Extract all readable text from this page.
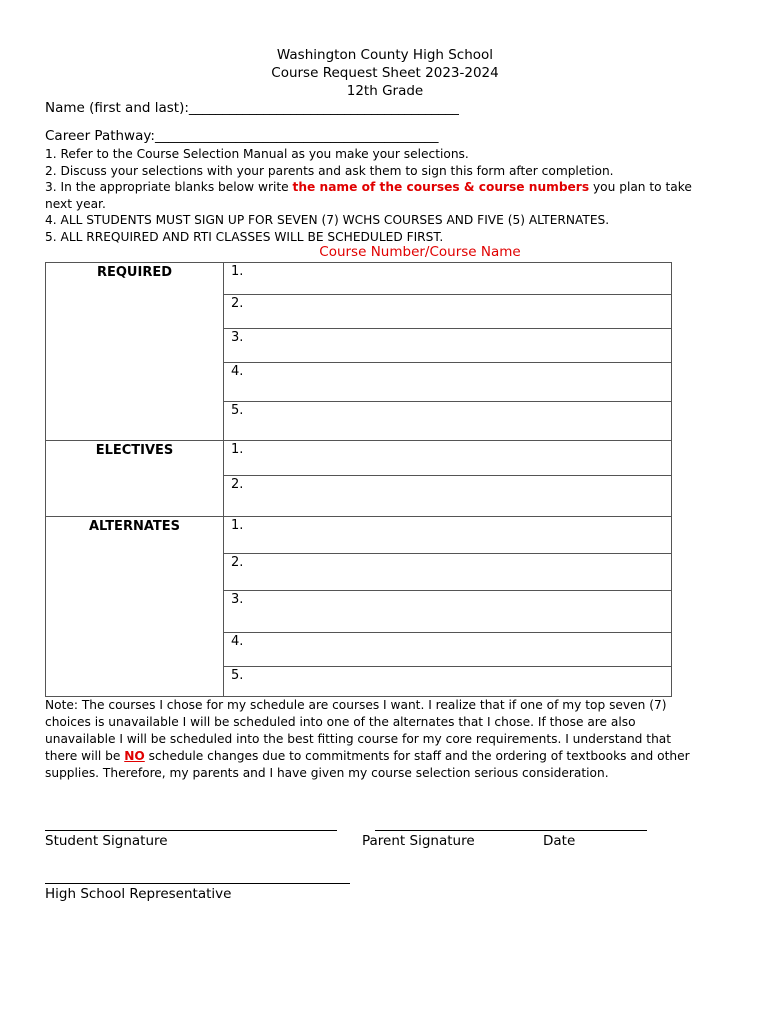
Washington County High School
Course Request Sheet 2023-2024
12th Grade
Name (first and last):________________________________________
Career Pathway:__________________________________________
1. Refer to the Course Selection Manual as you make your selections.
2. Discuss your selections with your parents and ask them to sign this form after completion.
3. In the appropriate blanks below write the name of the courses & course numbers you plan to take
next year.
4. ALL STUDENTS MUST SIGN UP FOR SEVEN (7) WCHS COURSES AND FIVE (5) ALTERNATES.
5. ALL RREQUIRED AND RTI CLASSES WILL BE SCHEDULED FIRST.
Course Number/Course Name
REQUIRED
ELECTIVES
ALTERNATES
1.
2.
3.
4.
5.
1.
2.
1.
2.
3.
4.
5.
Note: The courses I chose for my schedule are courses I want. I realize that if one of my top seven (7)
choices is unavailable I will be scheduled into one of the alternates that I chose. If those are also
unavailable I will be scheduled into the best fitting course for my core requirements. I understand that
there will be NO schedule changes due to commitments for staff and the ordering of textbooks and other
supplies. Therefore, my parents and I have given my course selection serious consideration.
Student Signature	Parent Signature	Date
High School Representative
